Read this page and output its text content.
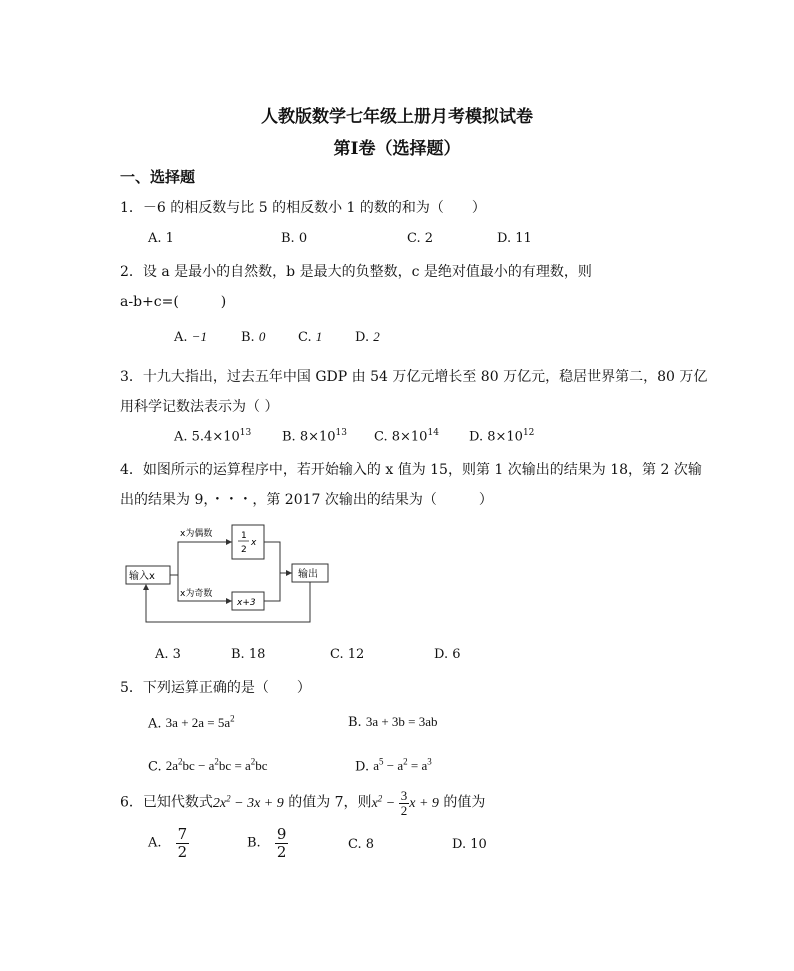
人教版数学七年级上册月考模拟试卷
第Ⅰ卷（选择题）
一、选择题
1．－6 的相反数与比 5 的相反数小 1 的数的和为（　　）
A. 1	B. 0	C. 2	D. 11
2．设 a 是最小的自然数，b 是最大的负整数，c 是绝对值最小的有理数，则
a-b+c=(　　　)
A. −1	B. 0	C. 1	D. 2
3．十九大指出，过去五年中国 GDP 由 54 万亿元增长至 80 万亿元，稳居世界第二，80 万亿
用科学记数法表示为（ ）
A. $5.4\times 10^{13}$ B. $8\times 10^{13}$ C. $8\times 10^{14}$ D. $8\times 10^{12}$
4．如图所示的运算程序中，若开始输入的 x 值为 15，则第 1 次输出的结果为 18，第 2 次输
出的结果为 9，・・・，第 2017 次输出的结果为（　　　）
输入x
x为偶数
x为奇数
1
2
x
x+3
输出
A. 3	B. 18	C. 12	D. 6
5．下列运算正确的是（　　）
A. $3a + 2a = 5a^2$	B. 3a + 3b = 3ab
C. $2a^2bc - a^2bc = a^2bc$	D. $a^5 - a^2 = a^3$
6．已知代数式$2x^2 - 3x + 9$ 的值为 7，则$x^2 - \frac{3}{2}$ x + 9 的值为
A. $\frac{7}{2}$	B. $\frac{9}{2}$	C. 8	D. 10
